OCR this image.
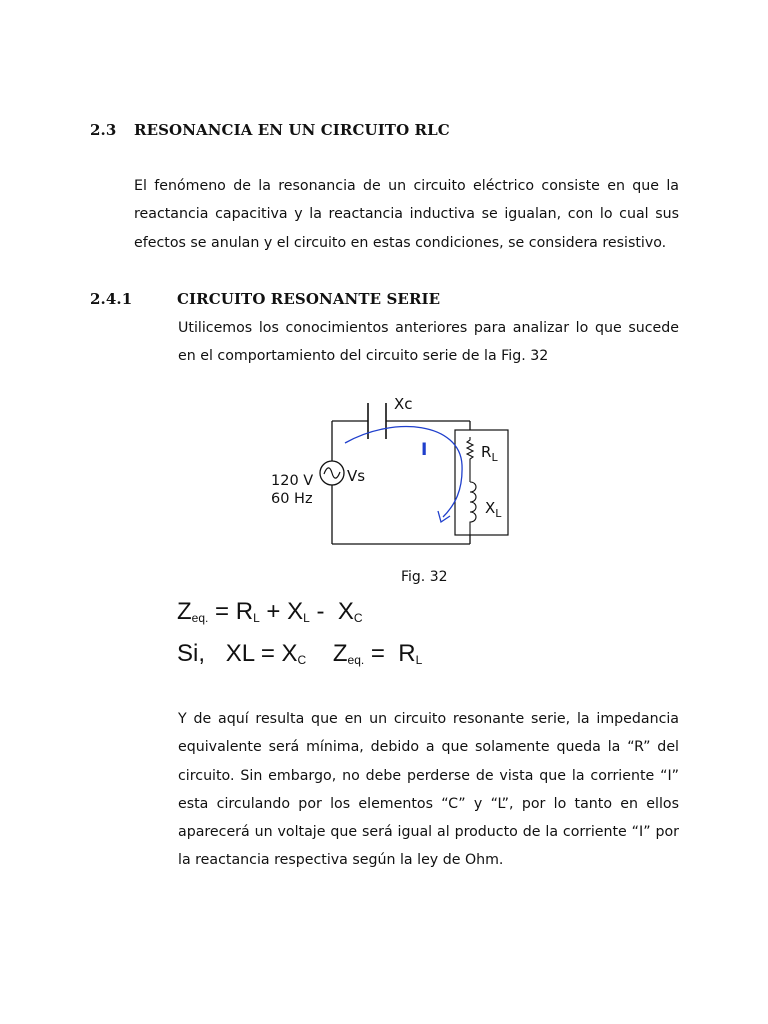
2.3 RESONANCIA EN UN CIRCUITO RLC

El fenómeno de la resonancia de un circuito eléctrico consiste en que la reactancia capacitiva y la reactancia inductiva se igualan, con lo cual sus efectos se anulan y el circuito en estas condiciones, se considera resistivo.

2.4.1	CIRCUITO RESONANTE SERIE

Utilicemos los conocimientos anteriores para analizar lo que sucede en el comportamiento del circuito serie de la Fig. 32

Xc
Vs
120 V
60 Hz
$R_L$
$X_L$
I
Fig. 32
$Z_{eq.} = R_L + X_L - X_C$
Si, XL = $X_C$ $Z_{eq.} = R_L$

Y de aquí resulta que en un circuito resonante serie, la impedancia equivalente será mínima, debido a que solamente queda la “R” del circuito. Sin embargo, no debe perderse de vista que la corriente “I” esta circulando por los elementos “C” y “L”, por lo tanto en ellos aparecerá un voltaje que será igual al producto de la corriente “I” por la reactancia respectiva según la ley de Ohm.
